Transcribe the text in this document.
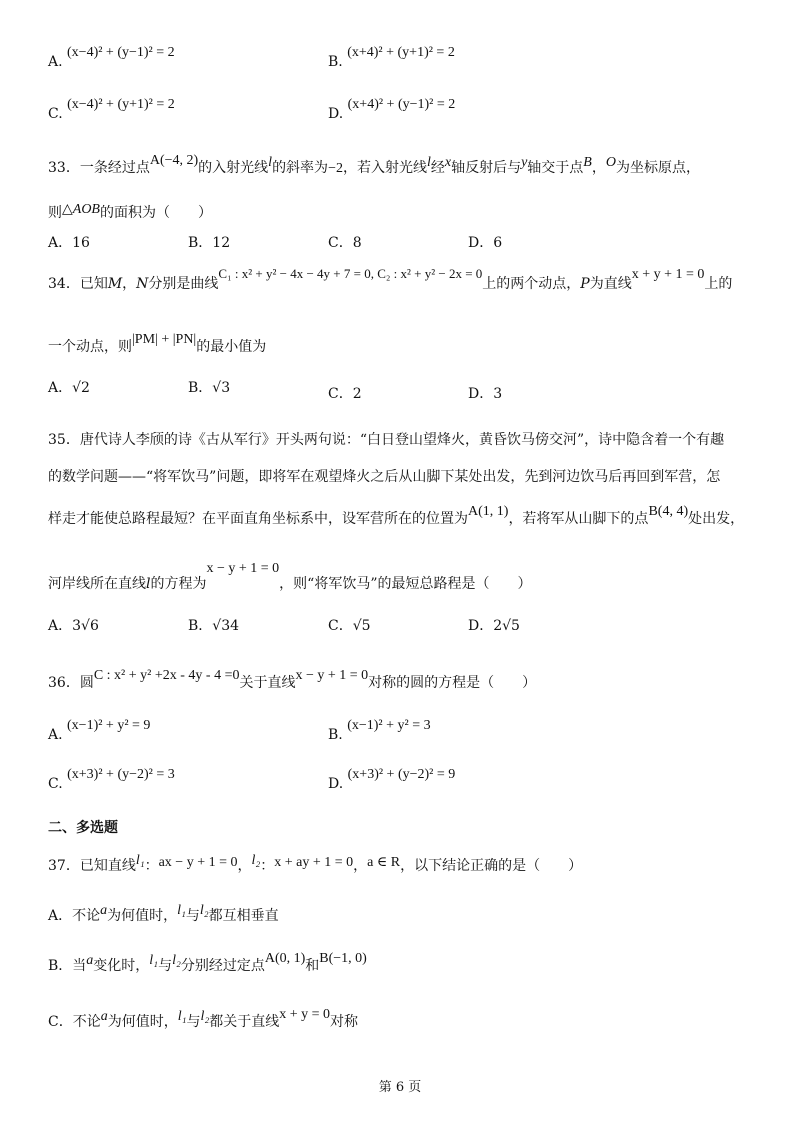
A. (x−4)² + (y−1)² = 2
B. (x+4)² + (y+1)² = 2
C. (x−4)² + (y+1)² = 2
D. (x+4)² + (y−1)² = 2
33．一条经过点A(−4, 2)的入射光线l的斜率为−2，若入射光线l经x轴反射后与y轴交于点B，O为坐标原点，
则△AOB的面积为（　　）
A．16	B．12	C．8	D．6
34．已知M，N分别是曲线C₁ : x² + y² − 4x − 4y + 7 = 0, C₂ : x² + y² − 2x = 0上的两个动点，P为直线x + y + 1 = 0上的
一个动点，则|PM| + |PN|的最小值为
A．√2	B．√3	C．2	D．3
35．唐代诗人李颀的诗《古从军行》开头两句说：“白日登山望烽火，黄昏饮马傍交河”，诗中隐含着一个有趣
的数学问题——“将军饮马”问题，即将军在观望烽火之后从山脚下某处出发，先到河边饮马后再回到军营，怎
样走才能使总路程最短？在平面直角坐标系中，设军营所在的位置为A(1, 1)，若将军从山脚下的点B(4, 4)处出发，
河岸线所在直线l的方程为x − y + 1 = 0，则“将军饮马”的最短总路程是（　　）
A．3√6	B．√34	C．√5	D．2√5
36．圆C : x² + y² +2x - 4y - 4 =0关于直线x − y + 1 = 0对称的圆的方程是（　　）
A. (x−1)² + y² = 9
B. (x−1)² + y² = 3
C. (x+3)² + (y−2)² = 3
D. (x+3)² + (y−2)² = 9
二、多选题
37．已知直线l₁：ax − y + 1 = 0，l₂：x + ay + 1 = 0，a ∈ R，以下结论正确的是（　　）
A．不论a为何值时，l₁与l₂都互相垂直
B．当a变化时，l₁与l₂分别经过定点A(0, 1)和B(−1, 0)
C．不论a为何值时，l₁与l₂都关于直线x + y = 0对称
第 6 页
